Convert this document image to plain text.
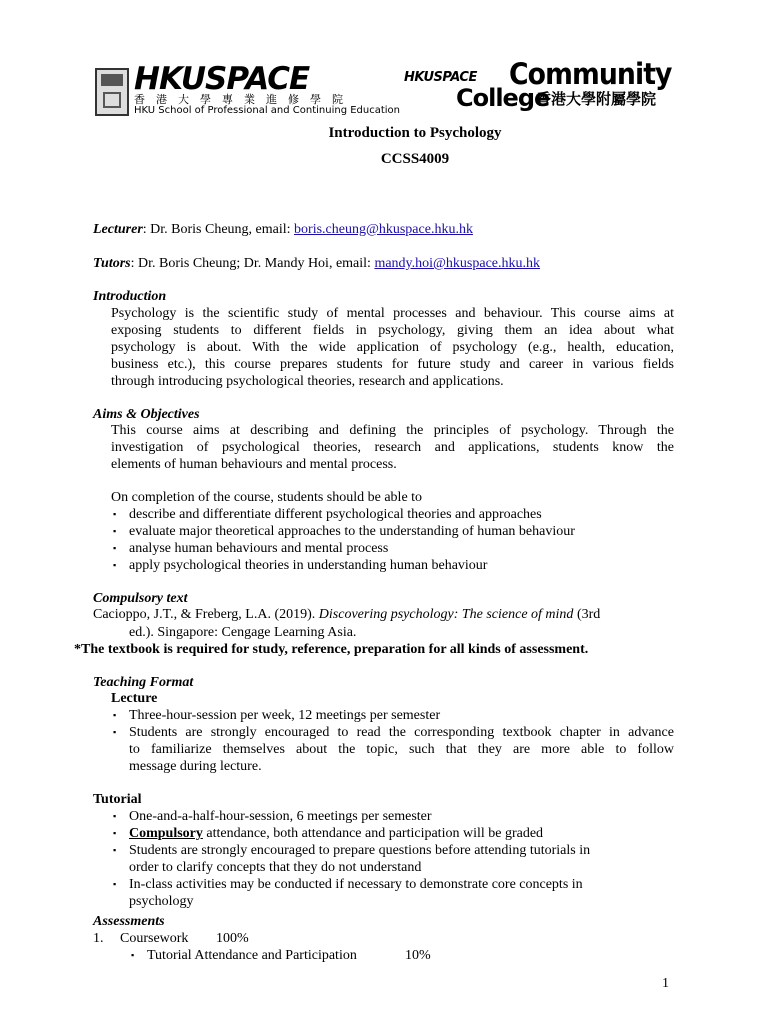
HKUSPACE
香港大學專業進修學院
HKU School of Professional and Continuing Education
HKUSPACE Community
College
香港大學附屬學院
Introduction to Psychology
CCSS4009
Lecturer: Dr. Boris Cheung, email: boris.cheung@hkuspace.hku.hk
Tutors: Dr. Boris Cheung; Dr. Mandy Hoi, email: mandy.hoi@hkuspace.hku.hk
Introduction
Psychology is the scientific study of mental processes and behaviour. This course aims at
exposing students to different fields in psychology, giving them an idea about what
psychology is about. With the wide application of psychology (e.g., health, education,
business etc.), this course prepares students for future study and career in various fields
through introducing psychological theories, research and applications.
Aims & Objectives
This course aims at describing and defining the principles of psychology. Through the
investigation of psychological theories, research and applications, students know the
elements of human behaviours and mental process.
On completion of the course, students should be able to
▪ describe and differentiate different psychological theories and approaches
▪ evaluate major theoretical approaches to the understanding of human behaviour
▪ analyse human behaviours and mental process
▪ apply psychological theories in understanding human behaviour
Compulsory text
Cacioppo, J.T., & Freberg, L.A. (2019). Discovering psychology: The science of mind (3rd
ed.). Singapore: Cengage Learning Asia.
*The textbook is required for study, reference, preparation for all kinds of assessment.
Teaching Format
Lecture
▪ Three-hour-session per week, 12 meetings per semester
▪ Students are strongly encouraged to read the corresponding textbook chapter in advance
to familiarize themselves about the topic, such that they are more able to follow
message during lecture.
Tutorial
▪ One-and-a-half-hour-session, 6 meetings per semester
▪ Compulsory attendance, both attendance and participation will be graded
▪ Students are strongly encouraged to prepare questions before attending tutorials in
order to clarify concepts that they do not understand
▪ In-class activities may be conducted if necessary to demonstrate core concepts in
psychology
Assessments
1. Coursework 100%
▪ Tutorial Attendance and Participation	10%
1
